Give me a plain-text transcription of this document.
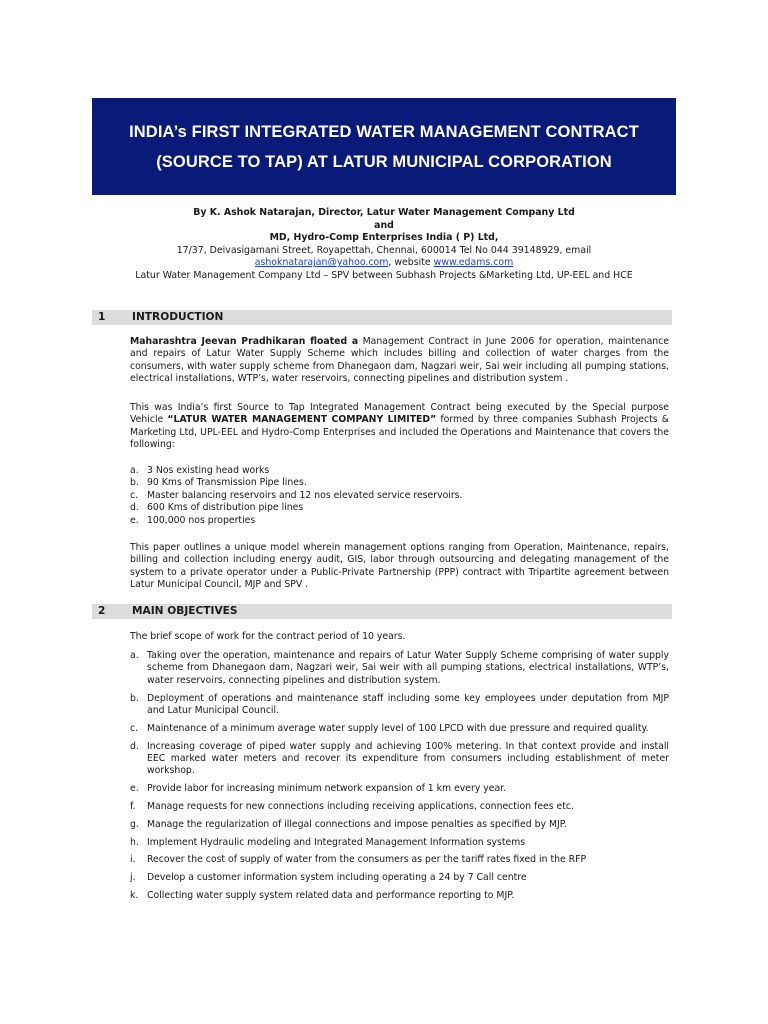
INDIA’s FIRST INTEGRATED WATER MANAGEMENT CONTRACT
(SOURCE TO TAP) AT LATUR MUNICIPAL CORPORATION
By K. Ashok Natarajan, Director, Latur Water Management Company Ltd
and
MD, Hydro-Comp Enterprises India ( P) Ltd,
17/37, Deivasigamani Street, Royapettah, Chennai, 600014 Tel No 044 39148929, email
ashoknatarajan@yahoo.com, website www.edams.com
Latur Water Management Company Ltd – SPV between Subhash Projects &Marketing Ltd, UP-EEL and HCE
1	INTRODUCTION
Maharashtra Jeevan Pradhikaran floated a Management Contract in June 2006 for operation, maintenance and repairs of Latur Water Supply Scheme which includes billing and collection of water charges from the consumers, with water supply scheme from Dhanegaon dam, Nagzari weir, Sai weir including all pumping stations, electrical installations, WTP’s, water reservoirs, connecting pipelines and distribution system .
This was India’s first Source to Tap Integrated Management Contract being executed by the Special purpose Vehicle “LATUR WATER MANAGEMENT COMPANY LIMITED” formed by three companies Subhash Projects & Marketing Ltd, UPL-EEL and Hydro-Comp Enterprises and included the Operations and Maintenance that covers the following:
a. 3 Nos existing head works
b. 90 Kms of Transmission Pipe lines.
c. Master balancing reservoirs and 12 nos elevated service reservoirs.
d. 600 Kms of distribution pipe lines
e. 100,000 nos properties
This paper outlines a unique model wherein management options ranging from Operation, Maintenance, repairs, billing and collection including energy audit, GIS, labor through outsourcing and delegating management of the system to a private operator under a Public-Private Partnership (PPP) contract with Tripartite agreement between Latur Municipal Council, MJP and SPV .
2	MAIN OBJECTIVES
The brief scope of work for the contract period of 10 years.
a. Taking over the operation, maintenance and repairs of Latur Water Supply Scheme comprising of water supply scheme from Dhanegaon dam, Nagzari weir, Sai weir with all pumping stations, electrical installations, WTP’s, water reservoirs, connecting pipelines and distribution system.
b. Deployment of operations and maintenance staff including some key employees under deputation from MJP and Latur Municipal Council.
c. Maintenance of a minimum average water supply level of 100 LPCD with due pressure and required quality.
d. Increasing coverage of piped water supply and achieving 100% metering. In that context provide and install EEC marked water meters and recover its expenditure from consumers including establishment of meter workshop.
e. Provide labor for increasing minimum network expansion of 1 km every year.
f. Manage requests for new connections including receiving applications, connection fees etc.
g. Manage the regularization of illegal connections and impose penalties as specified by MJP.
h. Implement Hydraulic modeling and Integrated Management Information systems
i. Recover the cost of supply of water from the consumers as per the tariff rates fixed in the RFP
j. Develop a customer information system including operating a 24 by 7 Call centre
k. Collecting water supply system related data and performance reporting to MJP.
